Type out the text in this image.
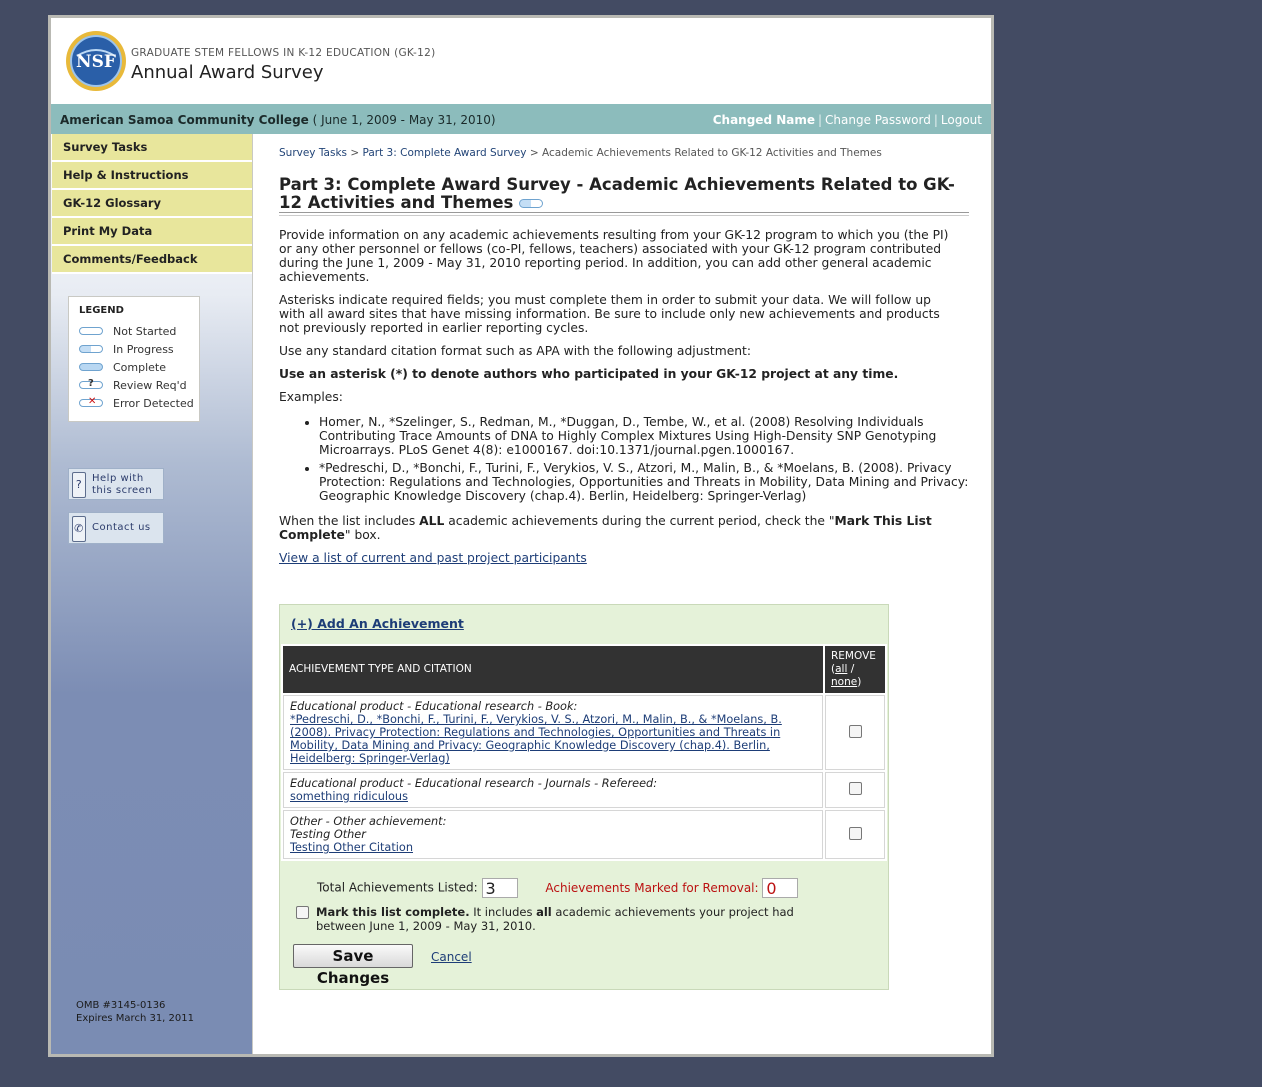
NSF GRADUATE STEM FELLOWS IN K-12 EDUCATION (GK-12)
Annual Award Survey
American Samoa Community College ( June 1, 2009 - May 31, 2010)	Changed Name | Change Password | Logout
Survey Tasks
Help & Instructions
GK-12 Glossary
Print My Data
Comments/Feedback
LEGEND
Not Started
In Progress
Complete
? Review Req'd
✕ Error Detected
? Help with this screen
✆ Contact us
OMB #3145-0136
Expires March 31, 2011
Survey Tasks > Part 3: Complete Award Survey > Academic Achievements Related to GK-12 Activities and Themes
Part 3: Complete Award Survey - Academic Achievements Related to GK-12 Activities and Themes

Provide information on any academic achievements resulting from your GK-12 program to which you (the PI) or any other personnel or fellows (co-PI, fellows, teachers) associated with your GK-12 program contributed during the June 1, 2009 - May 31, 2010 reporting period. In addition, you can add other general academic achievements.

Asterisks indicate required fields; you must complete them in order to submit your data. We will follow up with all award sites that have missing information. Be sure to include only new achievements and products not previously reported in earlier reporting cycles.

Use any standard citation format such as APA with the following adjustment:

Use an asterisk (*) to denote authors who participated in your GK-12 project at any time.

Examples:

• Homer, N., *Szelinger, S., Redman, M., *Duggan, D., Tembe, W., et al. (2008) Resolving Individuals Contributing Trace Amounts of DNA to Highly Complex Mixtures Using High-Density SNP Genotyping Microarrays. PLoS Genet 4(8): e1000167. doi:10.1371/journal.pgen.1000167.
• *Pedreschi, D., *Bonchi, F., Turini, F., Verykios, V. S., Atzori, M., Malin, B., & *Moelans, B. (2008). Privacy Protection: Regulations and Technologies, Opportunities and Threats in Mobility, Data Mining and Privacy: Geographic Knowledge Discovery (chap.4). Berlin, Heidelberg: Springer-Verlag)

When the list includes ALL academic achievements during the current period, check the "Mark This List Complete" box.

View a list of current and past project participants
(+) Add An Achievement
ACHIEVEMENT TYPE AND CITATION	REMOVE
(all /
none)
Educational product - Educational research - Book:
*Pedreschi, D., *Bonchi, F., Turini, F., Verykios, V. S., Atzori, M., Malin, B., & *Moelans, B. (2008). Privacy Protection: Regulations and Technologies, Opportunities and Threats in Mobility, Data Mining and Privacy: Geographic Knowledge Discovery (chap.4). Berlin, Heidelberg: Springer-Verlag)	
Educational product - Educational research - Journals - Refereed:
something ridiculous	
Other - Other achievement:
Testing Other
Testing Other Citation	
Total Achievements Listed: 3	Achievements Marked for Removal: 0
Mark this list complete. It includes all academic achievements your project had between June 1, 2009 - May 31, 2010.
Save Changes
Cancel
